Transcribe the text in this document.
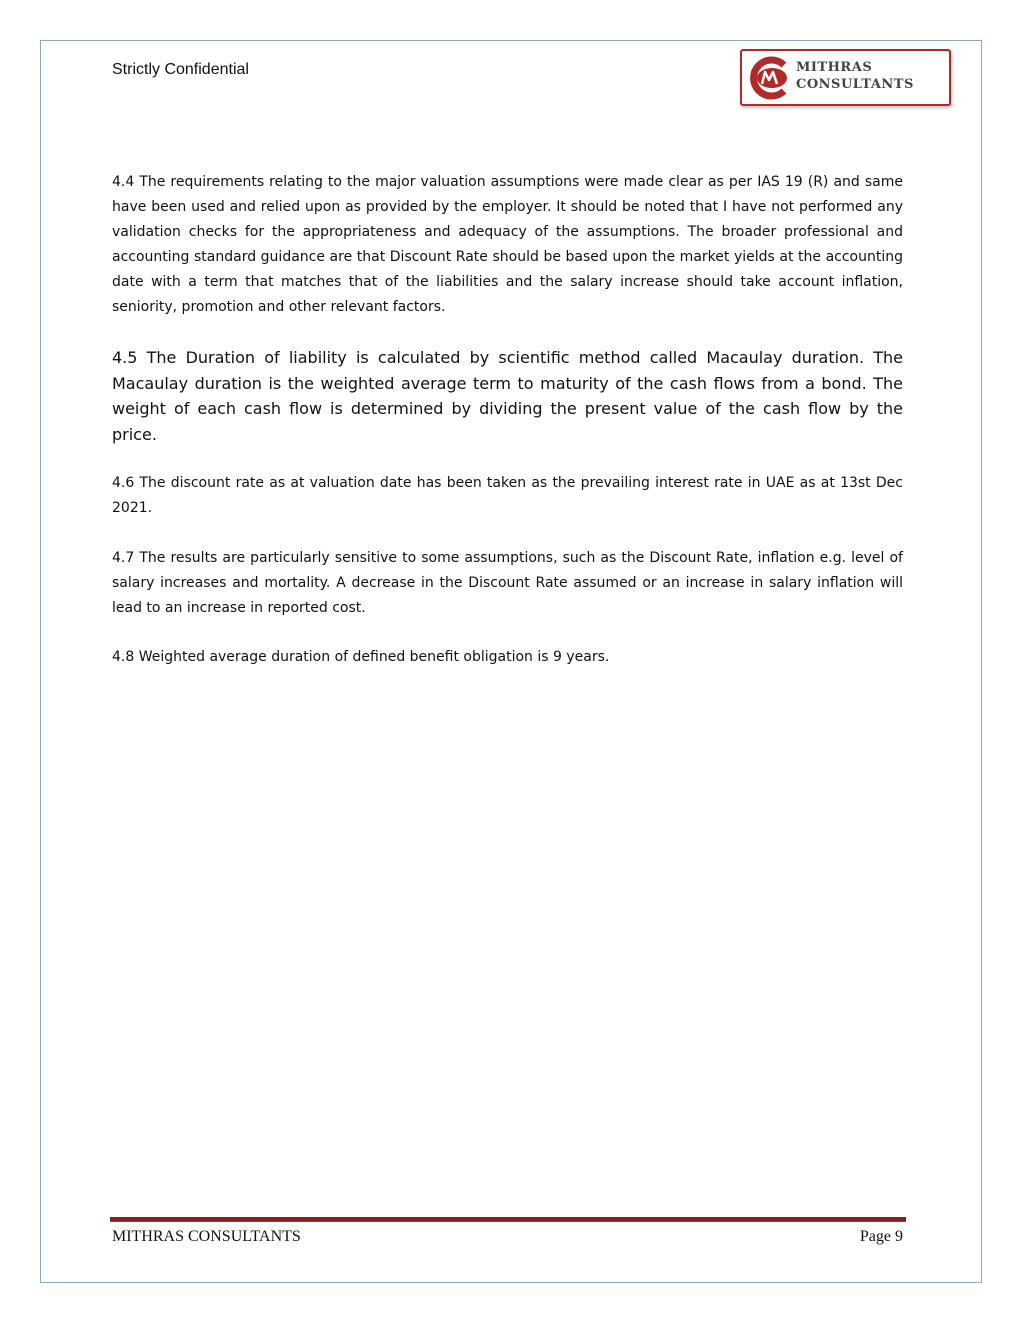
Strictly Confidential	MITHRAS
CONSULTANTS

4.4 The requirements relating to the major valuation assumptions were made clear as per IAS 19 (R) and same have been used and relied upon as provided by the employer. It should be noted that I have not performed any validation checks for the appropriateness and adequacy of the assumptions. The broader professional and accounting standard guidance are that Discount Rate should be based upon the market yields at the accounting date with a term that matches that of the liabilities and the salary increase should take account inflation, seniority, promotion and other relevant factors.

4.5 The Duration of liability is calculated by scientific method called Macaulay duration. The Macaulay duration is the weighted average term to maturity of the cash flows from a bond. The weight of each cash flow is determined by dividing the present value of the cash flow by the price.

4.6 The discount rate as at valuation date has been taken as the prevailing interest rate in UAE as at 13st Dec 2021.

4.7 The results are particularly sensitive to some assumptions, such as the Discount Rate, inflation e.g. level of salary increases and mortality. A decrease in the Discount Rate assumed or an increase in salary inflation will lead to an increase in reported cost.

4.8 Weighted average duration of defined benefit obligation is 9 years.

MITHRAS CONSULTANTS	Page 9
